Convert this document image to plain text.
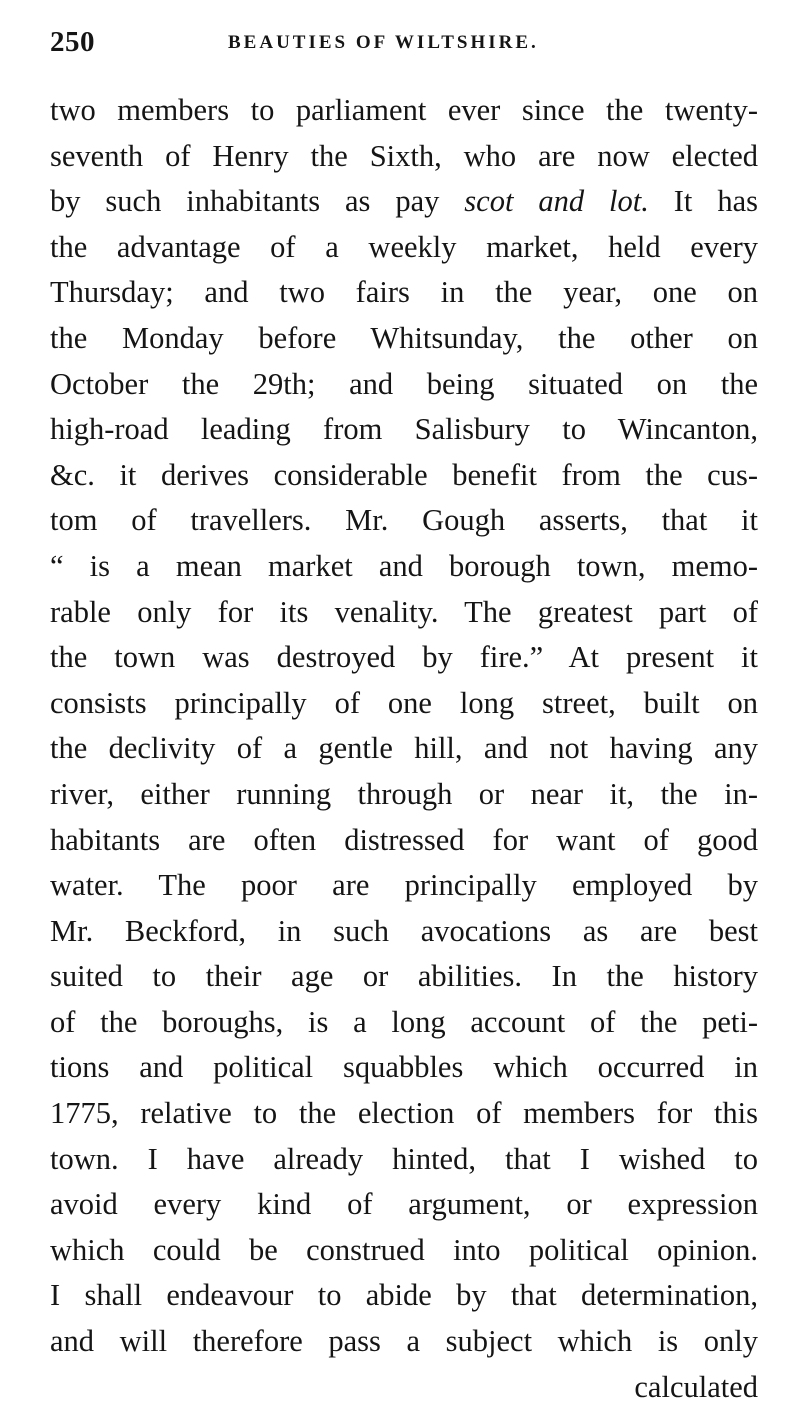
250	BEAUTIES OF WILTSHIRE.
two members to parliament ever since the twenty-
seventh of Henry the Sixth, who are now elected
by such inhabitants as pay scot and lot. It has
the advantage of a weekly market, held every
Thursday; and two fairs in the year, one on
the Monday before Whitsunday, the other on
October the 29th; and being situated on the
high-road leading from Salisbury to Wincanton,
&c. it derives considerable benefit from the cus-
tom of travellers. Mr. Gough asserts, that it
“ is a mean market and borough town, memo-
rable only for its venality. The greatest part of
the town was destroyed by fire.” At present it
consists principally of one long street, built on
the declivity of a gentle hill, and not having any
river, either running through or near it, the in-
habitants are often distressed for want of good
water. The poor are principally employed by
Mr. Beckford, in such avocations as are best
suited to their age or abilities. In the history
of the boroughs, is a long account of the peti-
tions and political squabbles which occurred in
1775, relative to the election of members for this
town. I have already hinted, that I wished to
avoid every kind of argument, or expression
which could be construed into political opinion.
I shall endeavour to abide by that determination,
and will therefore pass a subject which is only
calculated
